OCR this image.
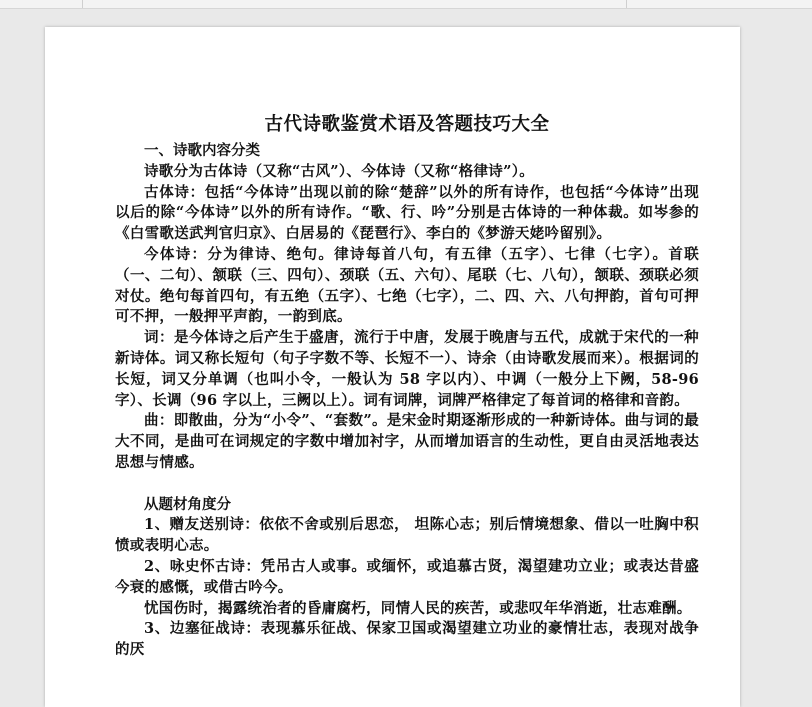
古代诗歌鉴赏术语及答题技巧大全

一、诗歌内容分类

诗歌分为古体诗（又称“古风”）、今体诗（又称“格律诗”）。

古体诗：包括“今体诗”出现以前的除“楚辞”以外的所有诗作，也包括“今体诗”出现以后的除“今体诗”以外的所有诗作。“歌、行、吟”分别是古体诗的一种体裁。如岑参的《白雪歌送武判官归京》、白居易的《琵琶行》、李白的《梦游天姥吟留别》。

今体诗：分为律诗、绝句。律诗每首八句，有五律（五字）、七律（七字）。首联（一、二句）、颔联（三、四句）、颈联（五、六句）、尾联（七、八句），颔联、颈联必须对仗。绝句每首四句，有五绝（五字）、七绝（七字），二、四、六、八句押韵，首句可押可不押，一般押平声韵，一韵到底。

词：是今体诗之后产生于盛唐，流行于中唐，发展于晚唐与五代，成就于宋代的一种新诗体。词又称长短句（句子字数不等、长短不一）、诗余（由诗歌发展而来）。根据词的长短，词又分单调（也叫小令，一般认为 58 字以内）、中调（一般分上下阙，58-96 字）、长调（96 字以上，三阙以上）。词有词牌，词牌严格律定了每首词的格律和音韵。

曲：即散曲，分为“小令”、“套数”。是宋金时期逐渐形成的一种新诗体。曲与词的最大不同，是曲可在词规定的字数中增加衬字，从而增加语言的生动性，更自由灵活地表达思想与情感。

从题材角度分

1、赠友送别诗：依依不舍或别后思恋， 坦陈心志；别后情境想象、借以一吐胸中积愤或表明心志。

2、咏史怀古诗：凭吊古人或事。或缅怀，或追慕古贤，渴望建功立业；或表达昔盛今衰的感慨，或借古吟今。

忧国伤时，揭露统治者的昏庸腐朽，同情人民的疾苦，或悲叹年华消逝，壮志难酬。

3、边塞征战诗：表现慕乐征战、保家卫国或渴望建立功业的豪情壮志，表现对战争的厌
